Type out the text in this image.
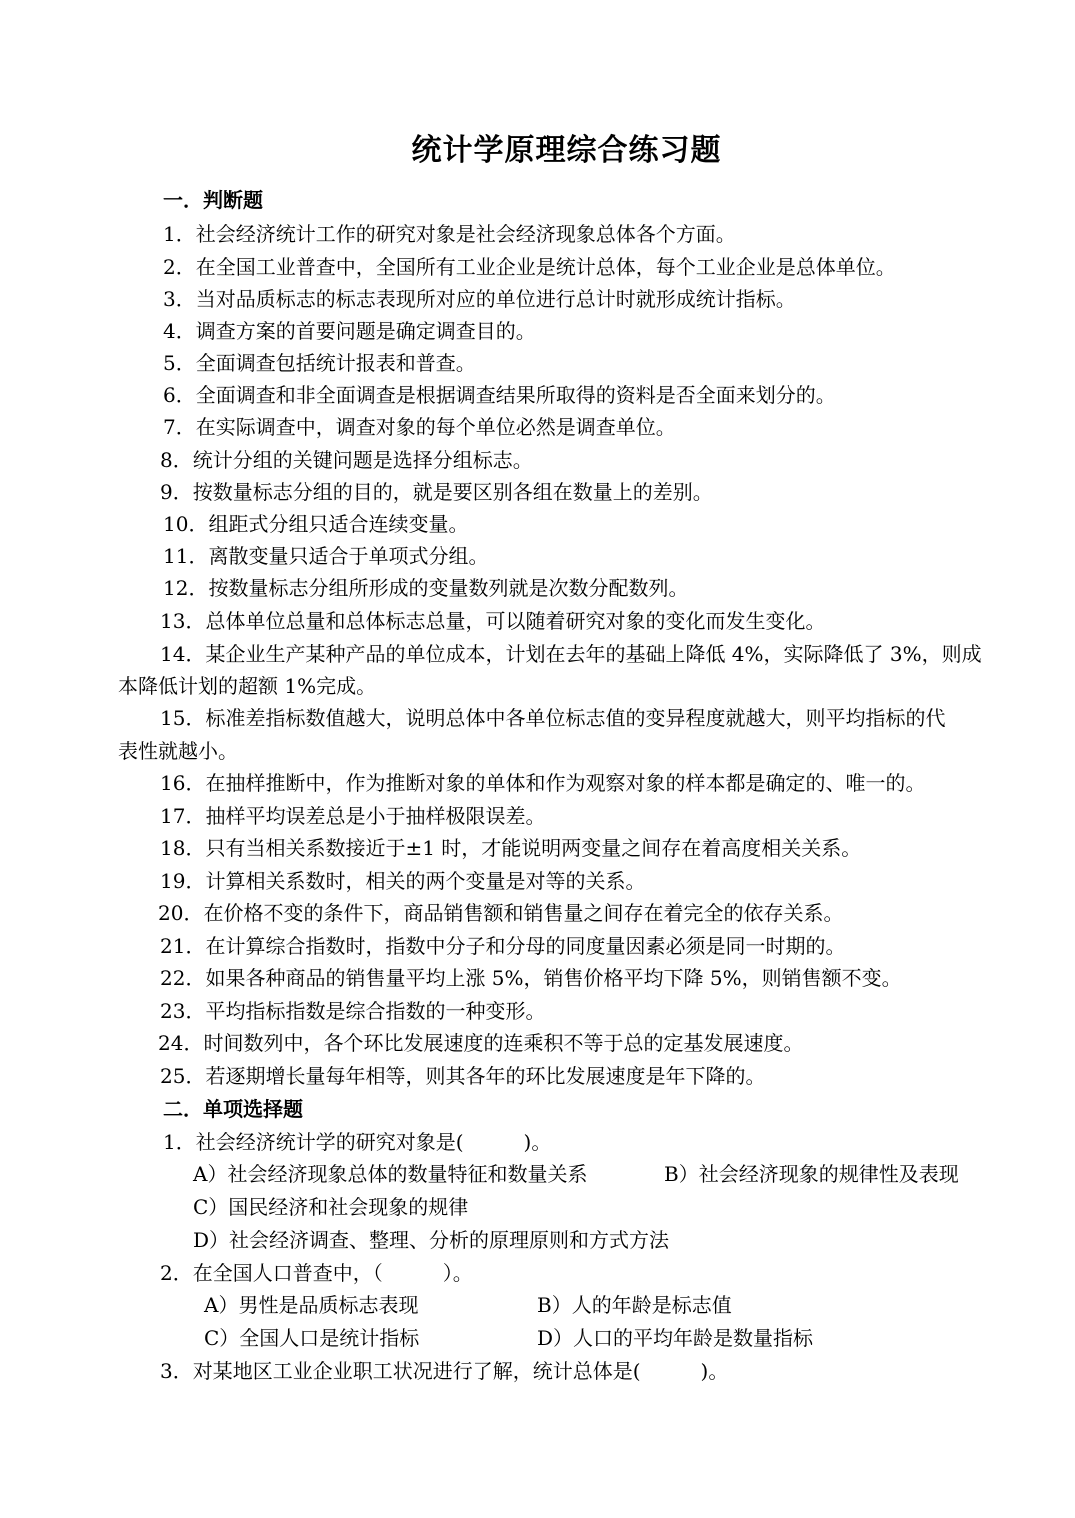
统计学原理综合练习题
一．判断题
1．社会经济统计工作的研究对象是社会经济现象总体各个方面。
2．在全国工业普查中，全国所有工业企业是统计总体，每个工业企业是总体单位。
3．当对品质标志的标志表现所对应的单位进行总计时就形成统计指标。
4．调查方案的首要问题是确定调查目的。
5．全面调查包括统计报表和普查。
6．全面调查和非全面调查是根据调查结果所取得的资料是否全面来划分的。
7．在实际调查中，调查对象的每个单位必然是调查单位。
8．统计分组的关键问题是选择分组标志。
9．按数量标志分组的目的，就是要区别各组在数量上的差别。
10．组距式分组只适合连续变量。
11．离散变量只适合于单项式分组。
12．按数量标志分组所形成的变量数列就是次数分配数列。
13．总体单位总量和总体标志总量，可以随着研究对象的变化而发生变化。
14．某企业生产某种产品的单位成本，计划在去年的基础上降低 4%，实际降低了 3%，则成
本降低计划的超额 1%完成。
15．标准差指标数值越大，说明总体中各单位标志值的变异程度就越大，则平均指标的代
表性就越小。
16．在抽样推断中，作为推断对象的单体和作为观察对象的样本都是确定的、唯一的。
17．抽样平均误差总是小于抽样极限误差。
18．只有当相关系数接近于±1 时，才能说明两变量之间存在着高度相关关系。
19．计算相关系数时，相关的两个变量是对等的关系。
20．在价格不变的条件下，商品销售额和销售量之间存在着完全的依存关系。
21．在计算综合指数时，指数中分子和分母的同度量因素必须是同一时期的。
22．如果各种商品的销售量平均上涨 5%，销售价格平均下降 5%，则销售额不变。
23．平均指标指数是综合指数的一种变形。
24．时间数列中，各个环比发展速度的连乘积不等于总的定基发展速度。
25．若逐期增长量每年相等，则其各年的环比发展速度是年下降的。
二．单项选择题
1．社会经济统计学的研究对象是(　　　)。
A）社会经济现象总体的数量特征和数量关系	B）社会经济现象的规律性及表现
C）国民经济和社会现象的规律
D）社会经济调查、整理、分析的原理原则和方式方法
2．在全国人口普查中，（　　　）。
A）男性是品质标志表现	B）人的年龄是标志值
C）全国人口是统计指标	D）人口的平均年龄是数量指标
3．对某地区工业企业职工状况进行了解，统计总体是(　　　)。
